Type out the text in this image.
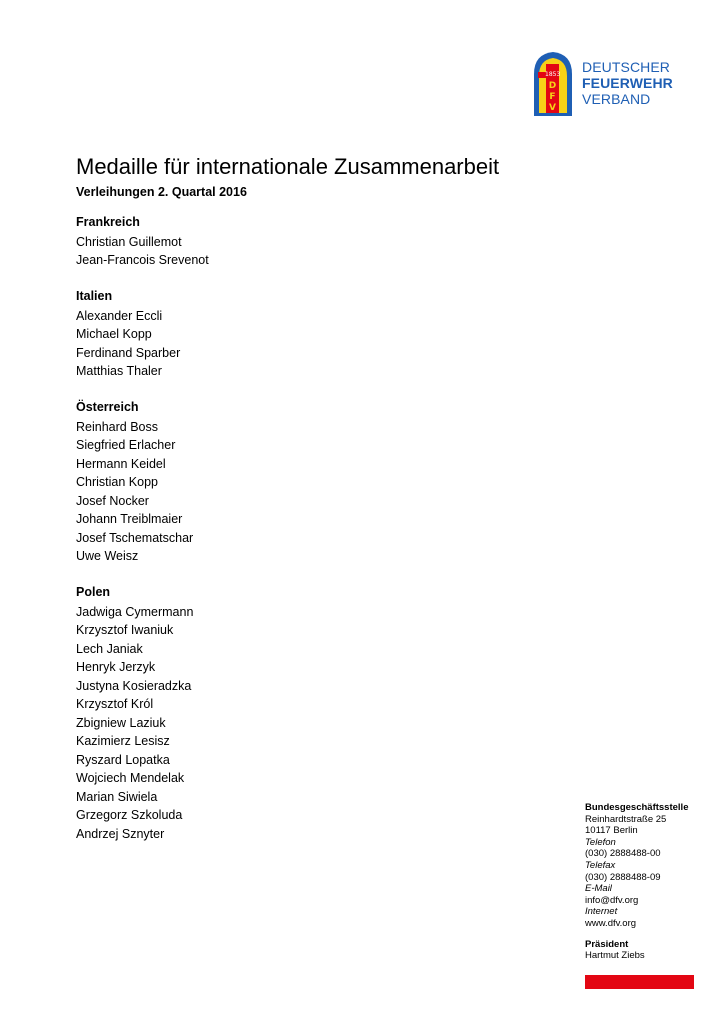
1853
D
F
V
DEUTSCHER
FEUERWEHR
VERBAND
Medaille für internationale Zusammenarbeit
Verleihungen 2. Quartal 2016
Frankreich
Christian Guillemot
Jean-Francois Srevenot
Italien
Alexander Eccli
Michael Kopp
Ferdinand Sparber
Matthias Thaler
Österreich
Reinhard Boss
Siegfried Erlacher
Hermann Keidel
Christian Kopp
Josef Nocker
Johann Treiblmaier
Josef Tschematschar
Uwe Weisz
Polen
Jadwiga Cymermann
Krzysztof Iwaniuk
Lech Janiak
Henryk Jerzyk
Justyna Kosieradzka
Krzysztof Król
Zbigniew Laziuk
Kazimierz Lesisz
Ryszard Lopatka
Wojciech Mendelak
Marian Siwiela
Grzegorz Szkoluda
Andrzej Sznyter
Bundesgeschäftsstelle
Reinhardtstraße 25
10117 Berlin
Telefon
(030) 2888488-00
Telefax
(030) 2888488-09
E-Mail
info@dfv.org
Internet
www.dfv.org
Präsident
Hartmut Ziebs
